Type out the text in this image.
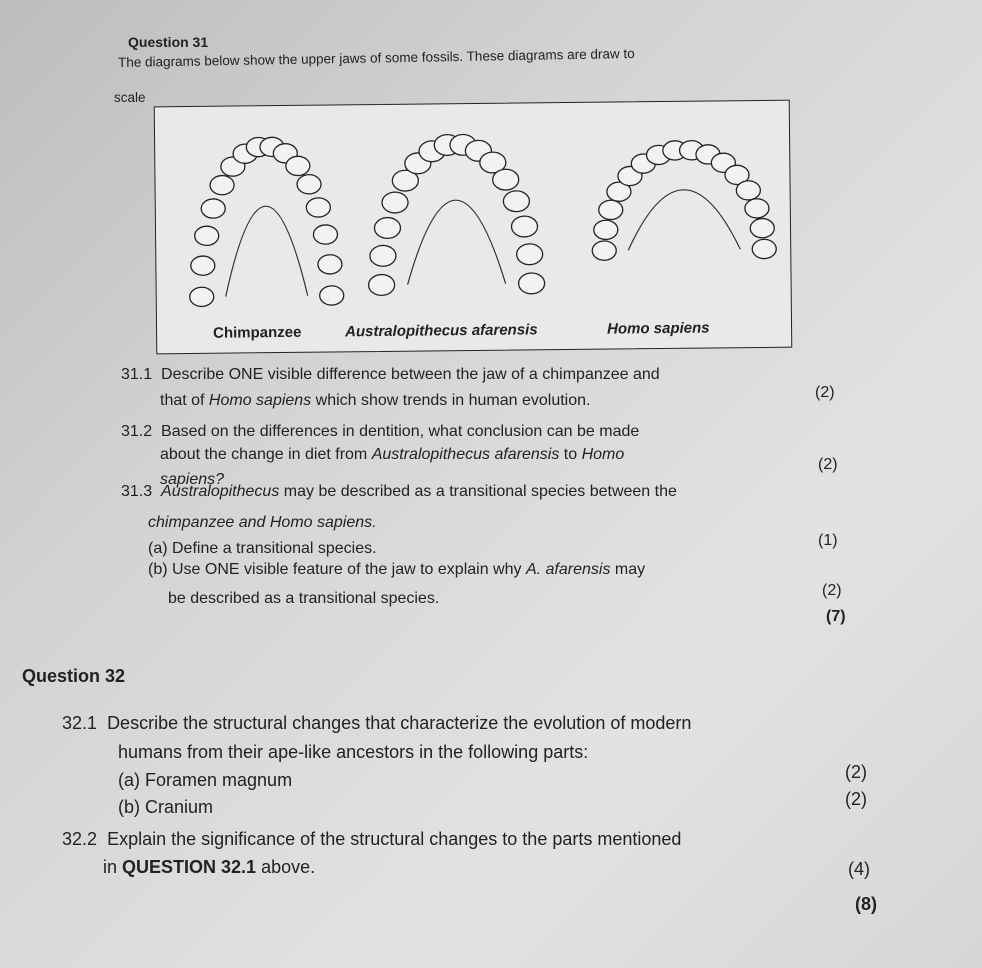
Question 31
The diagrams below show the upper jaws of some fossils. These diagrams are draw to
scale
Chimpanzee	Australopithecus afarensis	Homo sapiens
31.1 Describe ONE visible difference between the jaw of a chimpanzee and
that of Homo sapiens which show trends in human evolution.	(2)
31.2 Based on the differences in dentition, what conclusion can be made
about the change in diet from Australopithecus afarensis to Homo
sapiens?
(2)
31.3 Australopithecus may be described as a transitional species between the
chimpanzee and Homo sapiens.
(a) Define a transitional species.	(1)
(b) Use ONE visible feature of the jaw to explain why A. afarensis may
be described as a transitional species.	(2)
(7)
Question 32
32.1 Describe the structural changes that characterize the evolution of modern
humans from their ape-like ancestors in the following parts:
(a) Foramen magnum	(2)
(b) Cranium	(2)
32.2 Explain the significance of the structural changes to the parts mentioned
in QUESTION 32.1 above.	(4)
(8)
